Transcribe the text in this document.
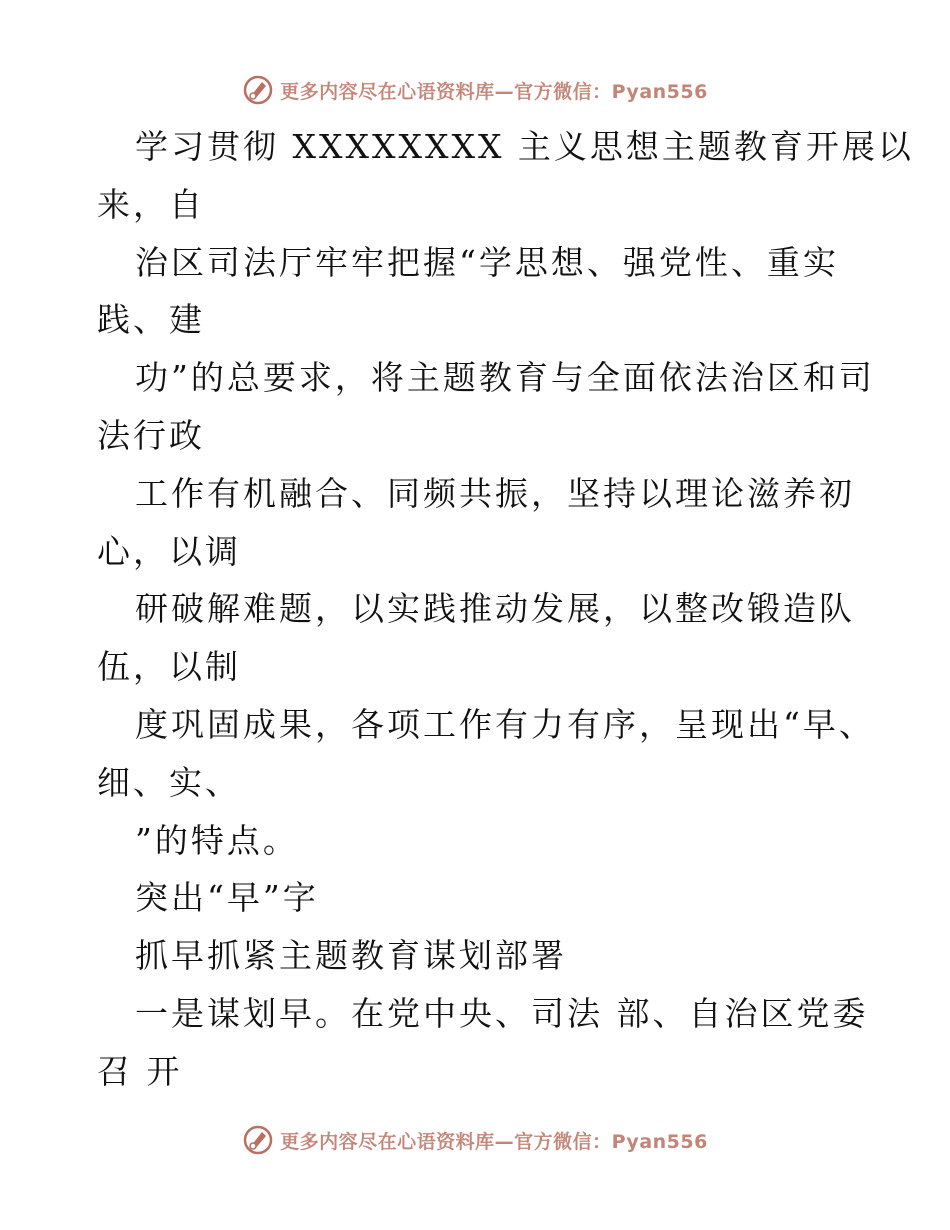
更多内容尽在心语资料库—官方微信：Pyan556
学习贯彻 XXXXXXXX 主义思想主题教育开展以
来，自
治区司法厅牢牢把握“学思想、强党性、重实
践、建
功”的总要求，将主题教育与全面依法治区和司
法行政
工作有机融合、同频共振，坚持以理论滋养初
心，以调
研破解难题，以实践推动发展，以整改锻造队
伍，以制
度巩固成果，各项工作有力有序，呈现出“早、
细、实、
”的特点。
突出“早”字
抓早抓紧主题教育谋划部署
一是谋划早。在党中央、司法 部、自治区党委
召 开
更多内容尽在心语资料库—官方微信：Pyan556
